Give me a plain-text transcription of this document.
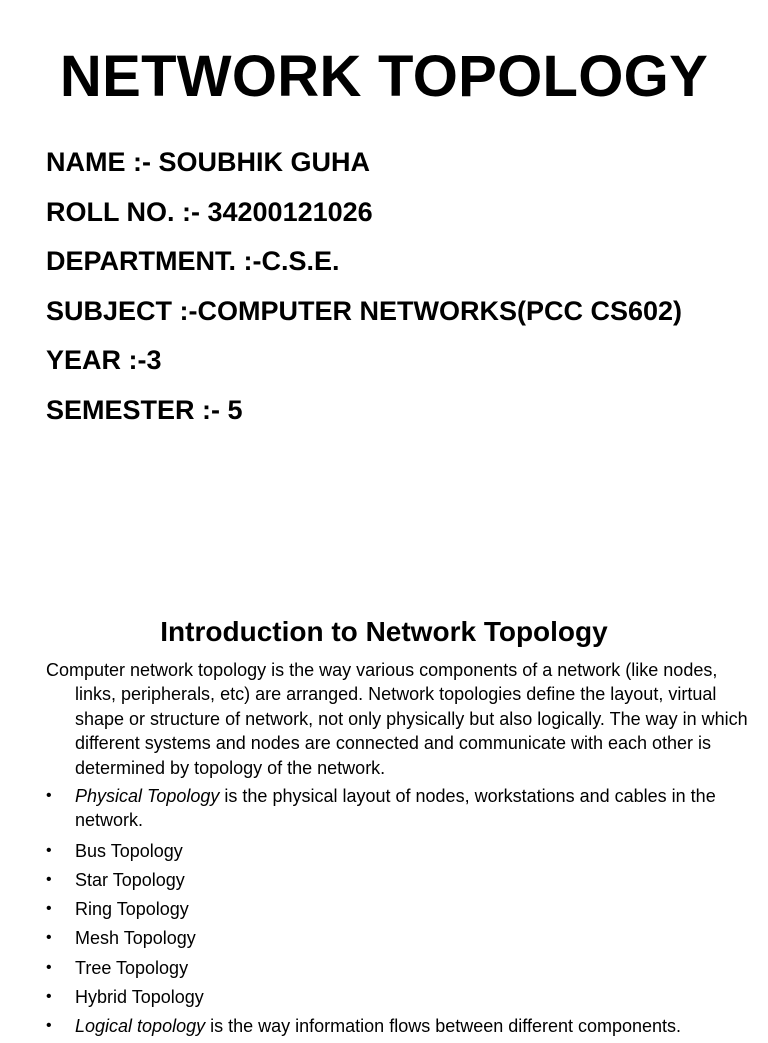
NETWORK TOPOLOGY
NAME :- SOUBHIK GUHA
ROLL NO. :- 34200121026
DEPARTMENT. :-C.S.E.
SUBJECT :-COMPUTER NETWORKS(PCC CS602)
YEAR :-3
SEMESTER :- 5
Introduction to Network Topology

Computer network topology is the way various components of a network (like nodes, links, peripherals, etc) are arranged. Network topologies define the layout, virtual shape or structure of network, not only physically but also logically. The way in which different systems and nodes are connected and communicate with each other is determined by topology of the network.

• Physical Topology is the physical layout of nodes, workstations and cables in the network.
• Bus Topology
• Star Topology
• Ring Topology
• Mesh Topology
• Tree Topology
• Hybrid Topology
• Logical topology is the way information flows between different components.
